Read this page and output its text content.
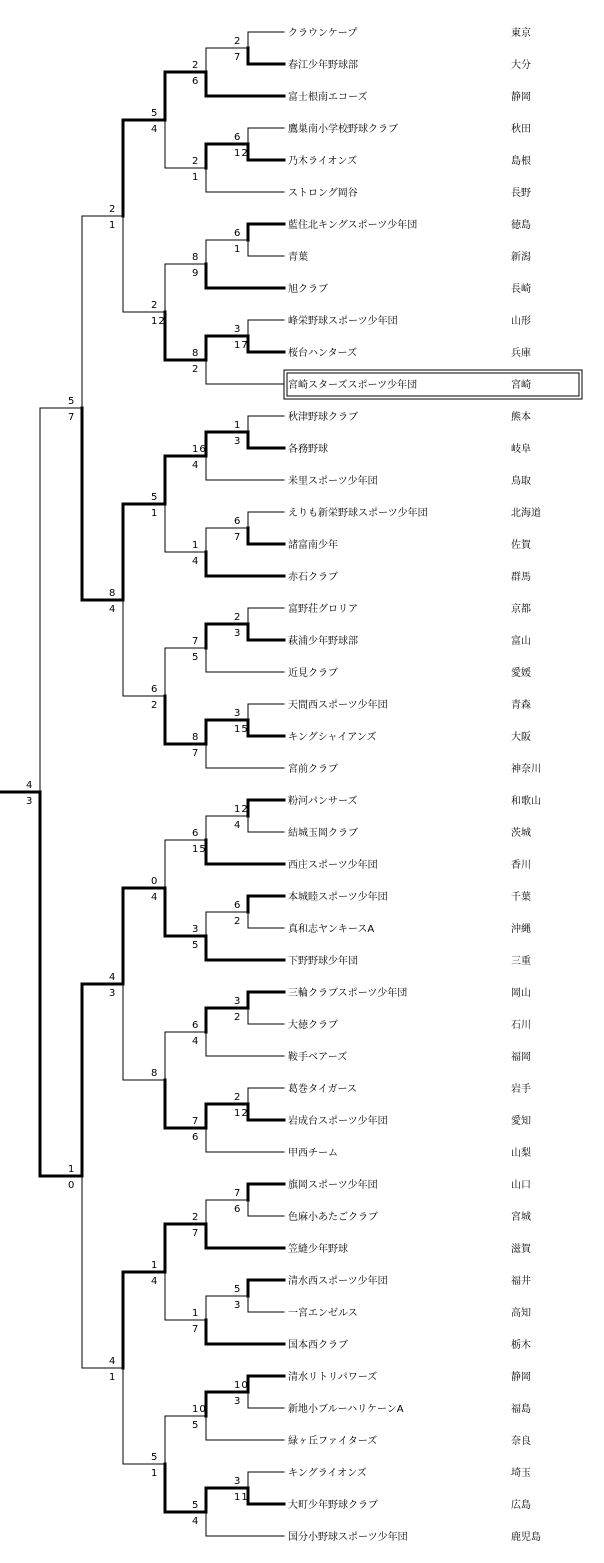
2
7
2
6
6
12
2
1
5
4
6
1
8
9
3
17
8
2
2
12
2
1
1
3
16
4
6
7
1
4
5
1
2
3
7
5
3
15
8
7
6
2
8
4
5
7
12
4
6
15
6
2
3
5
0
4
3
2
6
4
2
12
7
6
8
4
3
7
6
2
7
5
3
1
7
1
4
10
3
10
5
3
11
5
4
5
1
4
1
1
0
4
3
クラウンケープ	東京
春江少年野球部	大分
富士根南エコーズ	静岡
鷹巣南小学校野球クラブ	秋田
乃木ライオンズ	島根
ストロング岡谷	長野
藍住北キングスポーツ少年団	徳島
青葉	新潟
旭クラブ	長崎
峰栄野球スポーツ少年団	山形
桜台ハンターズ	兵庫
宮崎スターズスポーツ少年団	宮崎
秋津野球クラブ	熊本
各務野球	岐阜
米里スポーツ少年団	鳥取
えりも新栄野球スポーツ少年団	北海道
諸富南少年	佐賀
赤石クラブ	群馬
富野荘グロリア	京都
萩浦少年野球部	富山
近見クラブ	愛媛
天間西スポーツ少年団	青森
キングシャイアンズ	大阪
宮前クラブ	神奈川
粉河パンサーズ	和歌山
結城玉岡クラブ	茨城
西庄スポーツ少年団	香川
本城睦スポーツ少年団	千葉
真和志ヤンキースA	沖縄
下野野球少年団	三重
三輪クラブスポーツ少年団	岡山
大徳クラブ	石川
鞍手ベアーズ	福岡
葛巻タイガース	岩手
岩成台スポーツ少年団	愛知
甲西チーム	山梨
旗岡スポーツ少年団	山口
色麻小あたごクラブ	宮城
笠縫少年野球	滋賀
清水西スポーツ少年団	福井
一宮エンゼルス	高知
国本西クラブ	栃木
清水リトリパワーズ	静岡
新地小ブルーハリケーンA	福島
緑ヶ丘ファイターズ	奈良
キングライオンズ	埼玉
大町少年野球クラブ	広島
国分小野球スポーツ少年団	鹿児島
